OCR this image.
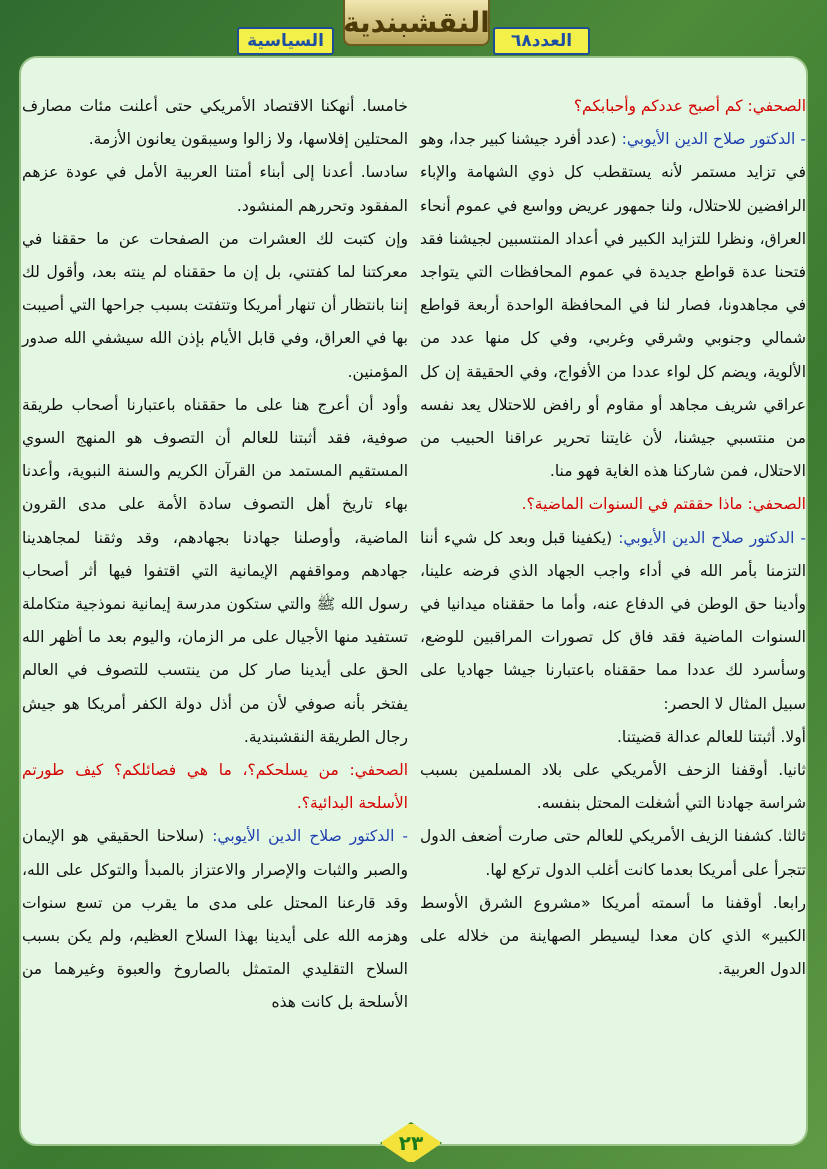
النقشبندية
العدد٦٨
السياسية

الصحفي: كم أصبح عددكم وأحبابكم؟

- الدكتور صلاح الدين الأيوبي: (عدد أفرد جيشنا كبير جدا، وهو في تزايد مستمر لأنه يستقطب كل ذوي الشهامة والإباء الرافضين للاحتلال، ولنا جمهور عريض وواسع في عموم أنحاء العراق، ونظرا للتزايد الكبير في أعداد المنتسبين لجيشنا فقد فتحنا عدة قواطع جديدة في عموم المحافظات التي يتواجد في مجاهدونا، فصار لنا في المحافظة الواحدة أربعة قواطع شمالي وجنوبي وشرقي وغربي، وفي كل منها عدد من الألوية، ويضم كل لواء عددا من الأفواج، وفي الحقيقة إن كل عراقي شريف مجاهد أو مقاوم أو رافض للاحتلال يعد نفسه من منتسبي جيشنا، لأن غايتنا تحرير عراقنا الحبيب من الاحتلال، فمن شاركنا هذه الغاية فهو منا.

الصحفي: ماذا حققتم في السنوات الماضية؟.

- الدكتور صلاح الدين الأيوبي: (يكفينا قبل وبعد كل شيء أننا التزمنا بأمر الله في أداء واجب الجهاد الذي فرضه علينا، وأدينا حق الوطن في الدفاع عنه، وأما ما حققناه ميدانيا في السنوات الماضية فقد فاق كل تصورات المراقبين للوضع، وسأسرد لك عددا مما حققناه باعتبارنا جيشا جهاديا على سبيل المثال لا الحصر:

أولا. أثبتنا للعالم عدالة قضيتنا.

ثانيا. أوقفنا الزحف الأمريكي على بلاد المسلمين بسبب شراسة جهادنا التي أشغلت المحتل بنفسه.

ثالثا. كشفنا الزيف الأمريكي للعالم حتى صارت أضعف الدول تتجرأ على أمريكا بعدما كانت أغلب الدول تركع لها.

رابعا. أوقفنا ما أسمته أمريكا «مشروع الشرق الأوسط الكبير» الذي كان معدا ليسيطر الصهاينة من خلاله على الدول العربية.

خامسا. أنهكنا الاقتصاد الأمريكي حتى أعلنت مئات مصارف المحتلين إفلاسها، ولا زالوا وسيبقون يعانون الأزمة.

سادسا. أعدنا إلى أبناء أمتنا العربية الأمل في عودة عزهم المفقود وتحررهم المنشود.

وإن كتبت لك العشرات من الصفحات عن ما حققنا في معركتنا لما كفتني، بل إن ما حققناه لم ينته بعد، وأقول لك إننا بانتظار أن تنهار أمريكا وتتفتت بسبب جراحها التي أصيبت بها في العراق، وفي قابل الأيام بإذن الله سيشفي الله صدور المؤمنين.

وأود أن أعرج هنا على ما حققناه باعتبارنا أصحاب طريقة صوفية، فقد أثبتنا للعالم أن التصوف هو المنهج السوي المستقيم المستمد من القرآن الكريم والسنة النبوية، وأعدنا بهاء تاريخ أهل التصوف سادة الأمة على مدى القرون الماضية، وأوصلنا جهادنا بجهادهم، وقد وثقنا لمجاهدينا جهادهم ومواقفهم الإيمانية التي اقتفوا فيها أثر أصحاب رسول الله ﷺ والتي ستكون مدرسة إيمانية نموذجية متكاملة تستفيد منها الأجيال على مر الزمان، واليوم بعد ما أظهر الله الحق على أيدينا صار كل من ينتسب للتصوف في العالم يفتخر بأنه صوفي لأن من أذل دولة الكفر أمريكا هو جيش رجال الطريقة النقشبندية.

الصحفي: من يسلحكم؟، ما هي فصائلكم؟ كيف طورتم الأسلحة البدائية؟.

- الدكتور صلاح الدين الأيوبي: (سلاحنا الحقيقي هو الإيمان والصبر والثبات والإصرار والاعتزاز بالمبدأ والتوكل على الله، وقد قارعنا المحتل على مدى ما يقرب من تسع سنوات وهزمه الله على أيدينا بهذا السلاح العظيم، ولم يكن بسبب السلاح التقليدي المتمثل بالصاروخ والعبوة وغيرهما من الأسلحة بل كانت هذه

٢٣
